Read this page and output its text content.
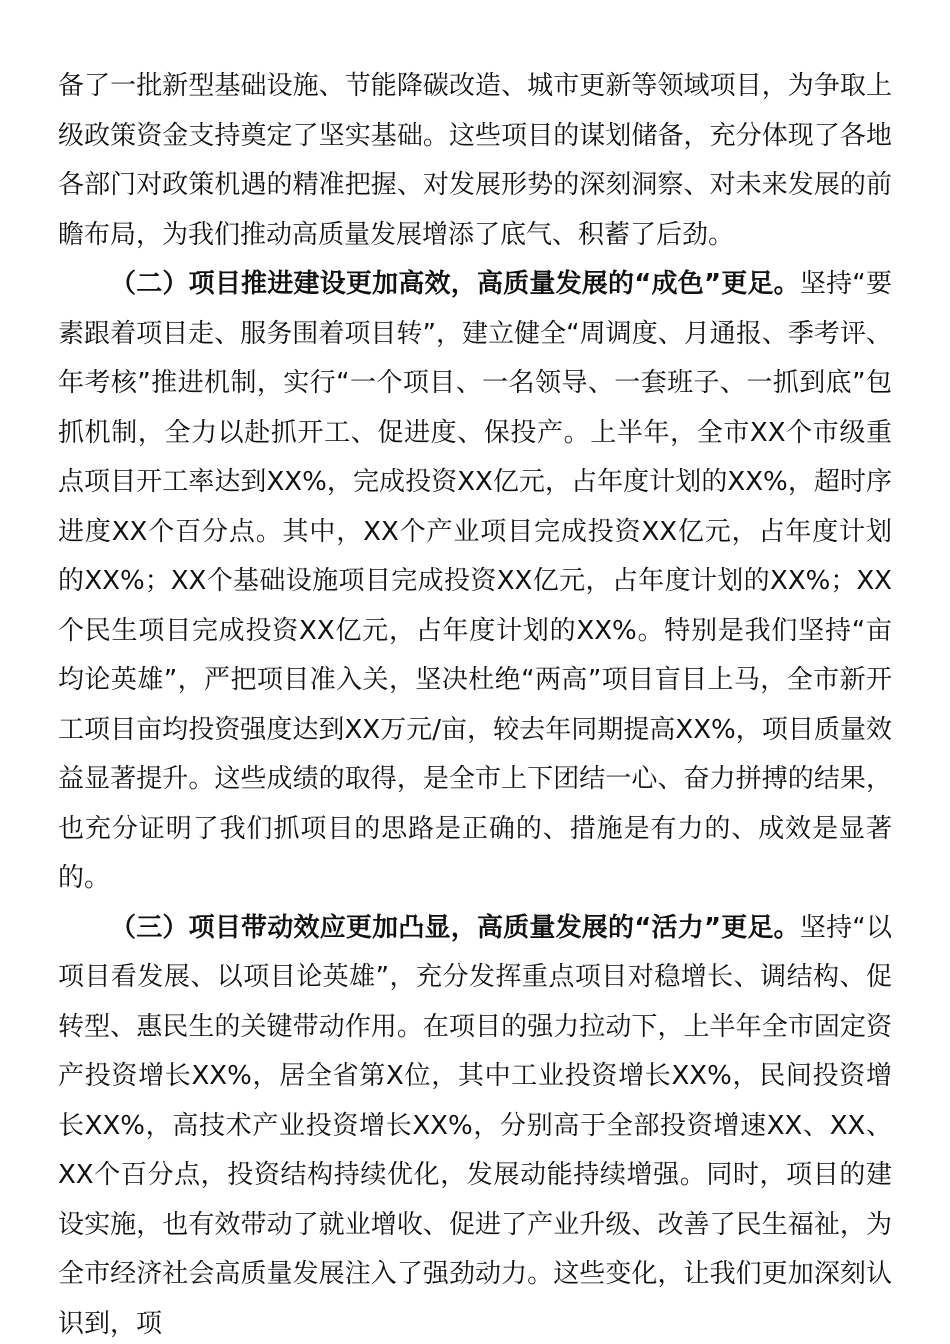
备了一批新型基础设施、节能降碳改造、城市更新等领域项目，为争取上级政策资金支持奠定了坚实基础。这些项目的谋划储备，充分体现了各地各部门对政策机遇的精准把握、对发展形势的深刻洞察、对未来发展的前瞻布局，为我们推动高质量发展增添了底气、积蓄了后劲。

（二）项目推进建设更加高效，高质量发展的“成色”更足。坚持“要素跟着项目走、服务围着项目转”，建立健全“周调度、月通报、季考评、年考核”推进机制，实行“一个项目、一名领导、一套班子、一抓到底”包抓机制，全力以赴抓开工、促进度、保投产。上半年，全市XX个市级重点项目开工率达到XX%，完成投资XX亿元，占年度计划的XX%，超时序进度XX个百分点。其中，XX个产业项目完成投资XX亿元，占年度计划的XX%；XX个基础设施项目完成投资XX亿元，占年度计划的XX%；XX个民生项目完成投资XX亿元，占年度计划的XX%。特别是我们坚持“亩均论英雄”，严把项目准入关，坚决杜绝“两高”项目盲目上马，全市新开工项目亩均投资强度达到XX万元/亩，较去年同期提高XX%，项目质量效益显著提升。这些成绩的取得，是全市上下团结一心、奋力拼搏的结果，也充分证明了我们抓项目的思路是正确的、措施是有力的、成效是显著的。

（三）项目带动效应更加凸显，高质量发展的“活力”更足。坚持“以项目看发展、以项目论英雄”，充分发挥重点项目对稳增长、调结构、促转型、惠民生的关键带动作用。在项目的强力拉动下，上半年全市固定资产投资增长XX%，居全省第X位，其中工业投资增长XX%，民间投资增长XX%，高技术产业投资增长XX%，分别高于全部投资增速XX、XX、XX个百分点，投资结构持续优化，发展动能持续增强。同时，项目的建设实施，也有效带动了就业增收、促进了产业升级、改善了民生福祉，为全市经济社会高质量发展注入了强劲动力。这些变化，让我们更加深刻认识到，项
